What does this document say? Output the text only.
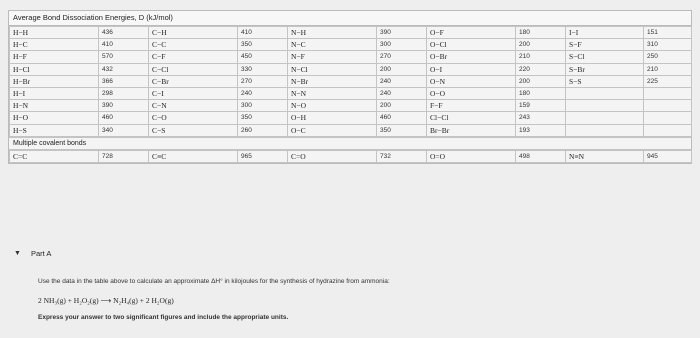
Average Bond Dissociation Energies, D (kJ/mol)
H−H	436	C−H	410	N−H	390	O−F	180	I−I	151
H−C	410	C−C	350	N−C	300	O−Cl	200	S−F	310
H−F	570	C−F	450	N−F	270	O−Br	210	S−Cl	250
H−Cl	432	C−Cl	330	N−Cl	200	O−I	220	S−Br	210
H−Br	366	C−Br	270	N−Br	240	O−N	200	S−S	225
H−I	298	C−I	240	N−N	240	O−O	180		
H−N	390	C−N	300	N−O	200	F−F	159		
H−O	460	C−O	350	O−H	460	Cl−Cl	243		
H−S	340	C−S	260	O−C	350	Br−Br	193		
Multiple covalent bonds
C=C	728	C≡C	965	C=O	732	O=O	498	N≡N	945
▼ Part A
Use the data in the table above to calculate an approximate ΔH° in kilojoules for the synthesis of hydrazine from ammonia:
2 NH₃(g) + H₂O₂(g) ⟶ N₂H₄(g) + 2 H₂O(g)
Express your answer to two significant figures and include the appropriate units.
